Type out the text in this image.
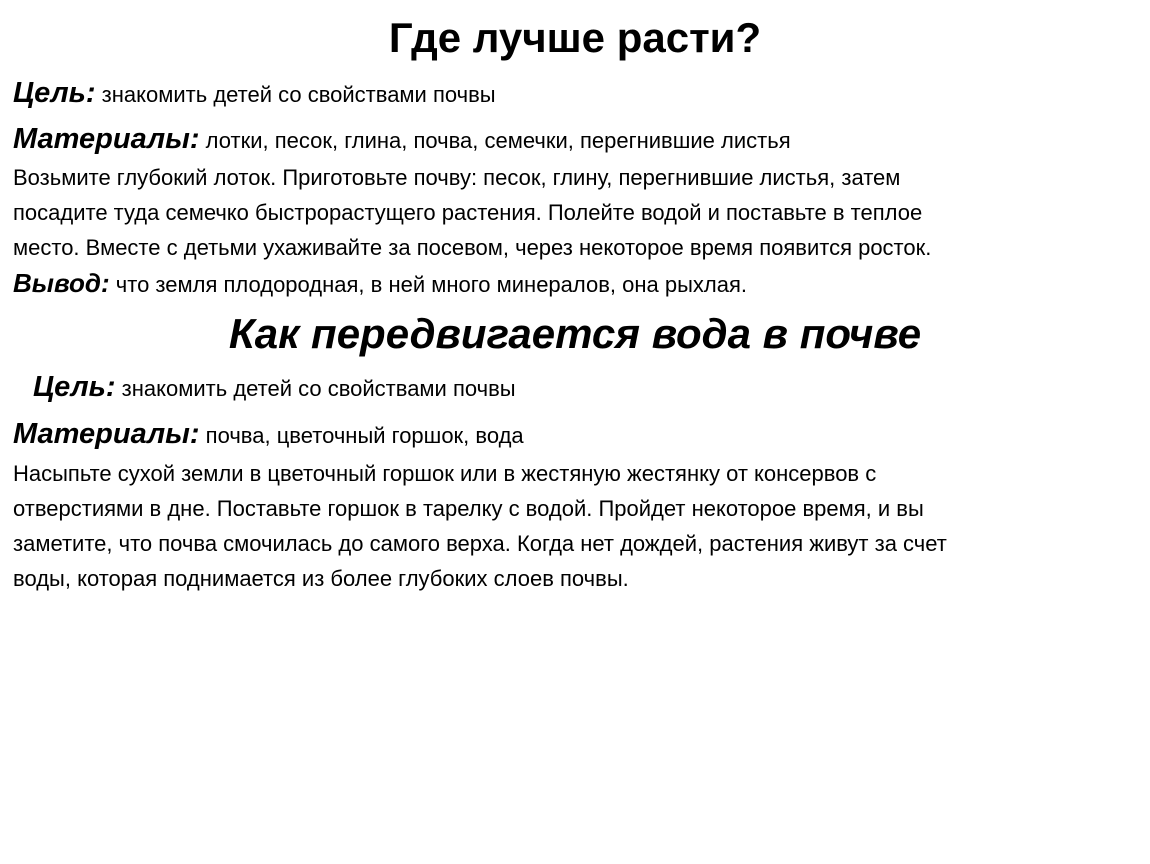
Где лучше расти?

Цель: знакомить детей со свойствами почвы

Материалы: лотки, песок, глина, почва, семечки, перегнившие листья

Возьмите глубокий лоток. Приготовьте почву: песок, глину, перегнившие листья, затем
посадите туда семечко быстрорастущего растения. Полейте водой и поставьте в теплое
место. Вместе с детьми ухаживайте за посевом, через некоторое время появится росток.

Вывод: что земля плодородная, в ней много минералов, она рыхлая.

Как передвигается вода в почве

Цель: знакомить детей со свойствами почвы

Материалы: почва, цветочный горшок, вода

Насыпьте сухой земли в цветочный горшок или в жестяную жестянку от консервов с
отверстиями в дне. Поставьте горшок в тарелку с водой. Пройдет некоторое время, и вы
заметите, что почва смочилась до самого верха. Когда нет дождей, растения живут за счет
воды, которая поднимается из более глубоких слоев почвы.
